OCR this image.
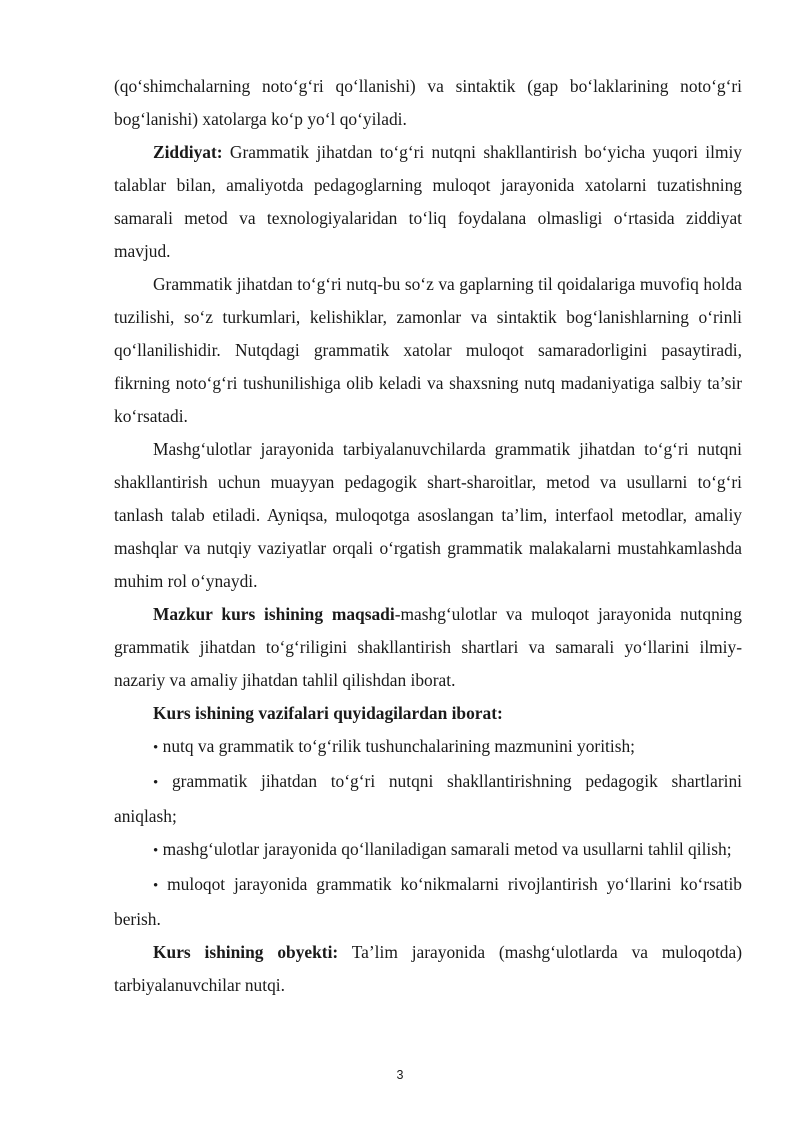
(qo‘shimchalarning noto‘g‘ri qo‘llanishi) va sintaktik (gap bo‘laklarining noto‘g‘ri bog‘lanishi) xatolarga ko‘p yo‘l qo‘yiladi.

Ziddiyat: Grammatik jihatdan to‘g‘ri nutqni shakllantirish bo‘yicha yuqori ilmiy talablar bilan, amaliyotda pedagoglarning muloqot jarayonida xatolarni tuzatishning samarali metod va texnologiyalaridan to‘liq foydalana olmasligi o‘rtasida ziddiyat mavjud.

Grammatik jihatdan to‘g‘ri nutq-bu so‘z va gaplarning til qoidalariga muvofiq holda tuzilishi, so‘z turkumlari, kelishiklar, zamonlar va sintaktik bog‘lanishlarning o‘rinli qo‘llanilishidir. Nutqdagi grammatik xatolar muloqot samaradorligini pasaytiradi, fikrning noto‘g‘ri tushunilishiga olib keladi va shaxsning nutq madaniyatiga salbiy ta’sir ko‘rsatadi.

Mashg‘ulotlar jarayonida tarbiyalanuvchilarda grammatik jihatdan to‘g‘ri nutqni shakllantirish uchun muayyan pedagogik shart-sharoitlar, metod va usullarni to‘g‘ri tanlash talab etiladi. Ayniqsa, muloqotga asoslangan ta’lim, interfaol metodlar, amaliy mashqlar va nutqiy vaziyatlar orqali o‘rgatish grammatik malakalarni mustahkamlashda muhim rol o‘ynaydi.

Mazkur kurs ishining maqsadi-mashg‘ulotlar va muloqot jarayonida nutqning grammatik jihatdan to‘g‘riligini shakllantirish shartlari va samarali yo‘llarini ilmiy-nazariy va amaliy jihatdan tahlil qilishdan iborat.

Kurs ishining vazifalari quyidagilardan iborat:

• nutq va grammatik to‘g‘rilik tushunchalarining mazmunini yoritish;

• grammatik jihatdan to‘g‘ri nutqni shakllantirishning pedagogik shartlarini aniqlash;

• mashg‘ulotlar jarayonida qo‘llaniladigan samarali metod va usullarni tahlil qilish;

• muloqot jarayonida grammatik ko‘nikmalarni rivojlantirish yo‘llarini ko‘rsatib berish.

Kurs ishining obyekti: Ta’lim jarayonida (mashg‘ulotlarda va muloqotda) tarbiyalanuvchilar nutqi.

3
